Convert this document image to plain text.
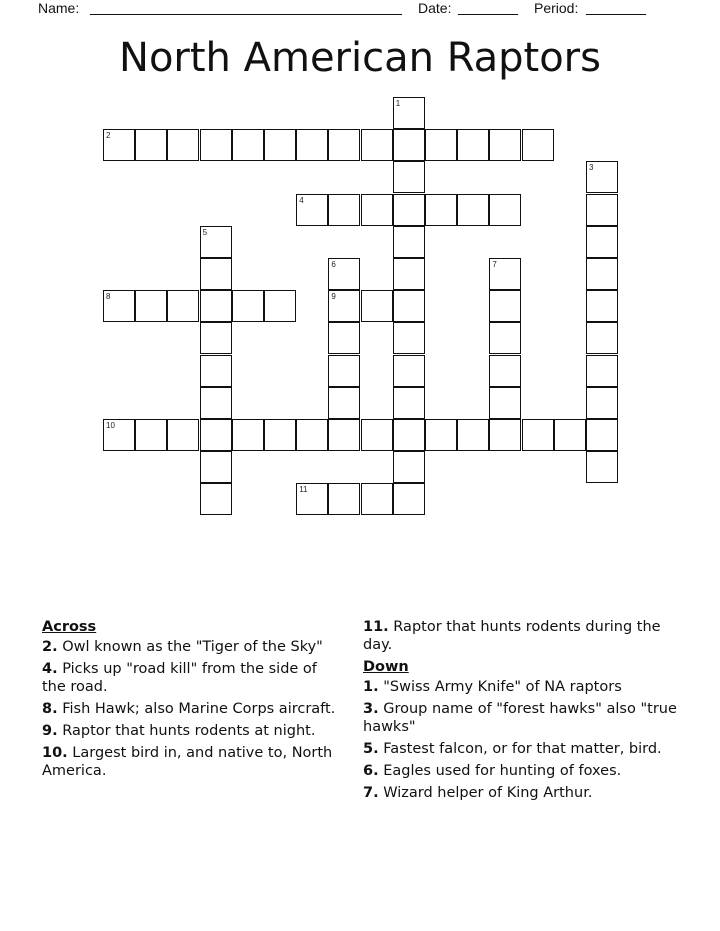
Name:	Date:	Period:
North American Raptors
1
2
3
4
5
6
9
7
8
10
11
Across
2. Owl known as the "Tiger of the Sky"
4. Picks up "road kill" from the side of the road.
8. Fish Hawk; also Marine Corps aircraft.
9. Raptor that hunts rodents at night.
10. Largest bird in, and native to, North America.
11. Raptor that hunts rodents during the day.
Down
1. "Swiss Army Knife" of NA raptors
3. Group name of "forest hawks" also "true hawks"
5. Fastest falcon, or for that matter, bird.
6. Eagles used for hunting of foxes.
7. Wizard helper of King Arthur.
